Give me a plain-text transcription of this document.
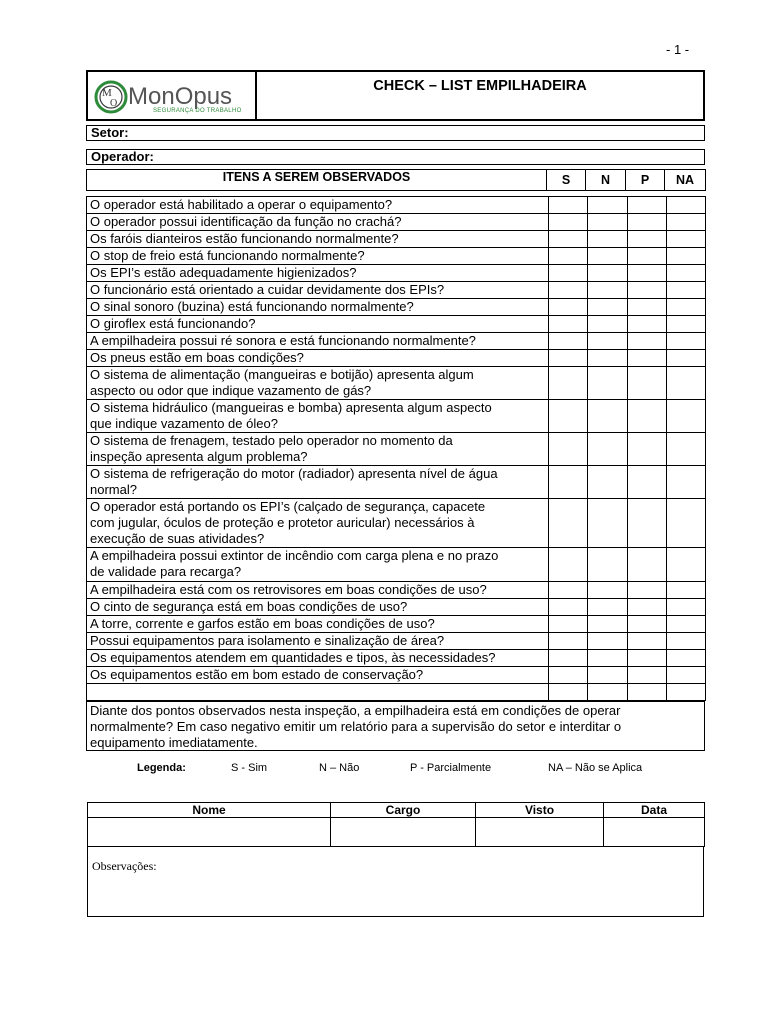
- 1 -
M
O MonOpus
SEGURANÇA DO TRABALHO
CHECK – LIST EMPILHADEIRA
Setor:
Operador:
ITENS A SEREM OBSERVADOS	S	N	P	NA
O operador está habilitado a operar o equipamento?				

O operador possui identificação da função no crachá?				

Os faróis dianteiros estão funcionando normalmente?				

O stop de freio está funcionando normalmente?				

Os EPI’s estão adequadamente higienizados?				

O funcionário está orientado a cuidar devidamente dos EPIs?				

O sinal sonoro (buzina) está funcionando normalmente?				

O giroflex está funcionando?				

A empilhadeira possui ré sonora e está funcionando normalmente?				

Os pneus estão em boas condições?				

O sistema de alimentação (mangueiras e botijão) apresenta algum
aspecto ou odor que indique vazamento de gás?				

O sistema hidráulico (mangueiras e bomba) apresenta algum aspecto
que indique vazamento de óleo?				

O sistema de frenagem, testado pelo operador no momento da
inspeção apresenta algum problema?				

O sistema de refrigeração do motor (radiador) apresenta nível de água
normal?				

O operador está portando os EPI’s (calçado de segurança, capacete
com jugular, óculos de proteção e protetor auricular) necessários à
execução de suas atividades?				

A empilhadeira possui extintor de incêndio com carga plena e no prazo
de validade para recarga?				

A empilhadeira está com os retrovisores em boas condições de uso?				

O cinto de segurança está em boas condições de uso?				

A torre, corrente e garfos estão em boas condições de uso?				

Possui equipamentos para isolamento e sinalização de área?				

Os equipamentos atendem em quantidades e tipos, às necessidades?				

Os equipamentos estão em bom estado de conservação?				

Diante dos pontos observados nesta inspeção, a empilhadeira está em condições de operar
normalmente? Em caso negativo emitir um relatório para a supervisão do setor e interditar o
equipamento imediatamente.
Legenda:	S - Sim	N – Não	P - Parcialmente	NA – Não se Aplica
Nome	Cargo	Visto	Data

Observações:
